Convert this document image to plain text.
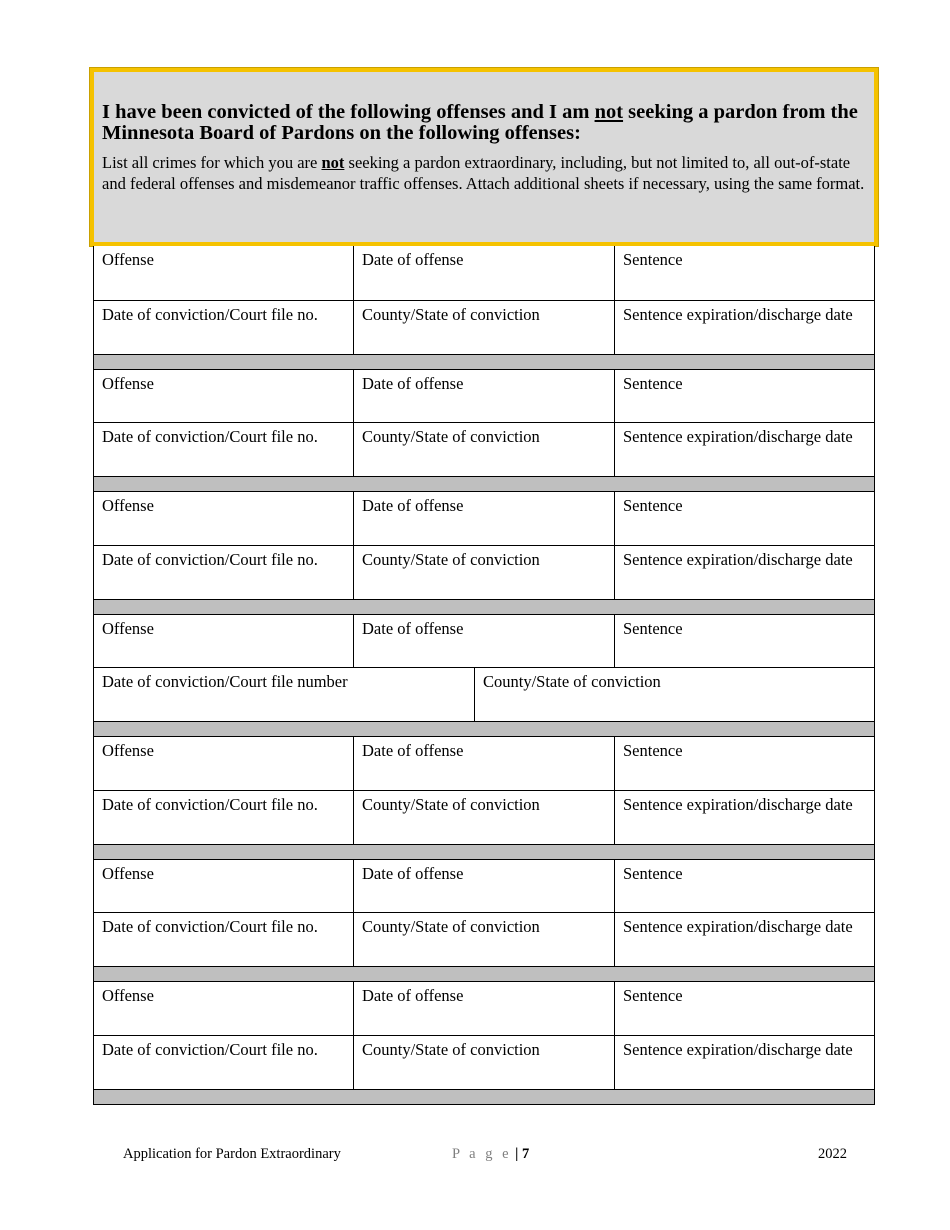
I have been convicted of the following offenses and I am not seeking a pardon from the Minnesota Board of Pardons on the following offenses:

List all crimes for which you are not seeking a pardon extraordinary, including, but not limited to, all out-of-state and federal offenses and misdemeanor traffic offenses. Attach additional sheets if necessary, using the same format.
Offense	Date of offense	Sentence
Date of conviction/Court file no.	County/State of conviction	Sentence expiration/discharge date
Offense	Date of offense	Sentence
Date of conviction/Court file no.	County/State of conviction	Sentence expiration/discharge date
Offense	Date of offense	Sentence
Date of conviction/Court file no.	County/State of conviction	Sentence expiration/discharge date
Offense	Date of offense	Sentence
Date of conviction/Court file number	County/State of conviction
Offense	Date of offense	Sentence
Date of conviction/Court file no.	County/State of conviction	Sentence expiration/discharge date
Offense	Date of offense	Sentence
Date of conviction/Court file no.	County/State of conviction	Sentence expiration/discharge date
Offense	Date of offense	Sentence
Date of conviction/Court file no.	County/State of conviction	Sentence expiration/discharge date
Application for Pardon Extraordinary	P a g e | 7	2022
